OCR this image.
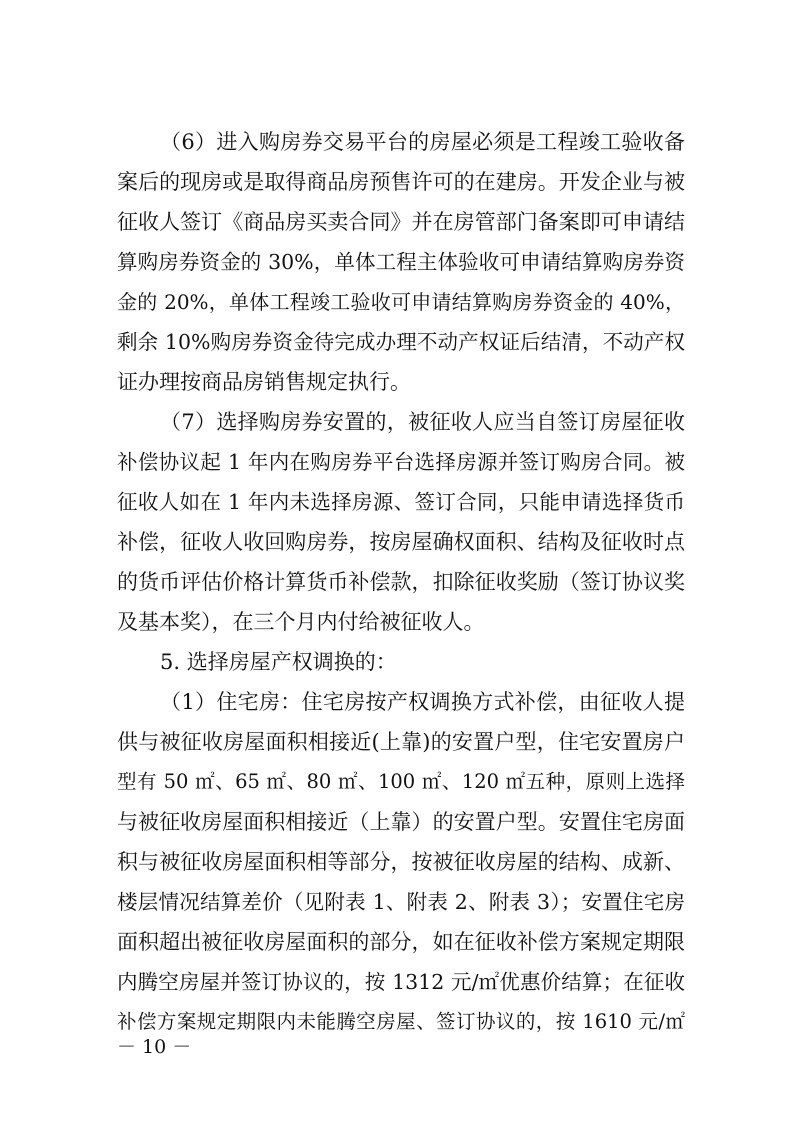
（6）进入购房券交易平台的房屋必须是工程竣工验收备
案后的现房或是取得商品房预售许可的在建房。开发企业与被
征收人签订《商品房买卖合同》并在房管部门备案即可申请结
算购房券资金的 30%，单体工程主体验收可申请结算购房券资
金的 20%，单体工程竣工验收可申请结算购房券资金的 40%，
剩余 10%购房券资金待完成办理不动产权证后结清，不动产权
证办理按商品房销售规定执行。
（7）选择购房券安置的，被征收人应当自签订房屋征收
补偿协议起 1 年内在购房券平台选择房源并签订购房合同。被
征收人如在 1 年内未选择房源、签订合同，只能申请选择货币
补偿，征收人收回购房券，按房屋确权面积、结构及征收时点
的货币评估价格计算货币补偿款，扣除征收奖励（签订协议奖
及基本奖），在三个月内付给被征收人。
5. 选择房屋产权调换的：
（1）住宅房：住宅房按产权调换方式补偿，由征收人提
供与被征收房屋面积相接近(上靠)的安置户型，住宅安置房户
型有 50 ㎡、65 ㎡、80 ㎡、100 ㎡、120 ㎡五种，原则上选择
与被征收房屋面积相接近（上靠）的安置户型。安置住宅房面
积与被征收房屋面积相等部分，按被征收房屋的结构、成新、
楼层情况结算差价（见附表 1、附表 2、附表 3）；安置住宅房
面积超出被征收房屋面积的部分，如在征收补偿方案规定期限
内腾空房屋并签订协议的，按 1312 元/㎡优惠价结算；在征收
补偿方案规定期限内未能腾空房屋、签订协议的，按 1610 元/㎡
－ 10 －
